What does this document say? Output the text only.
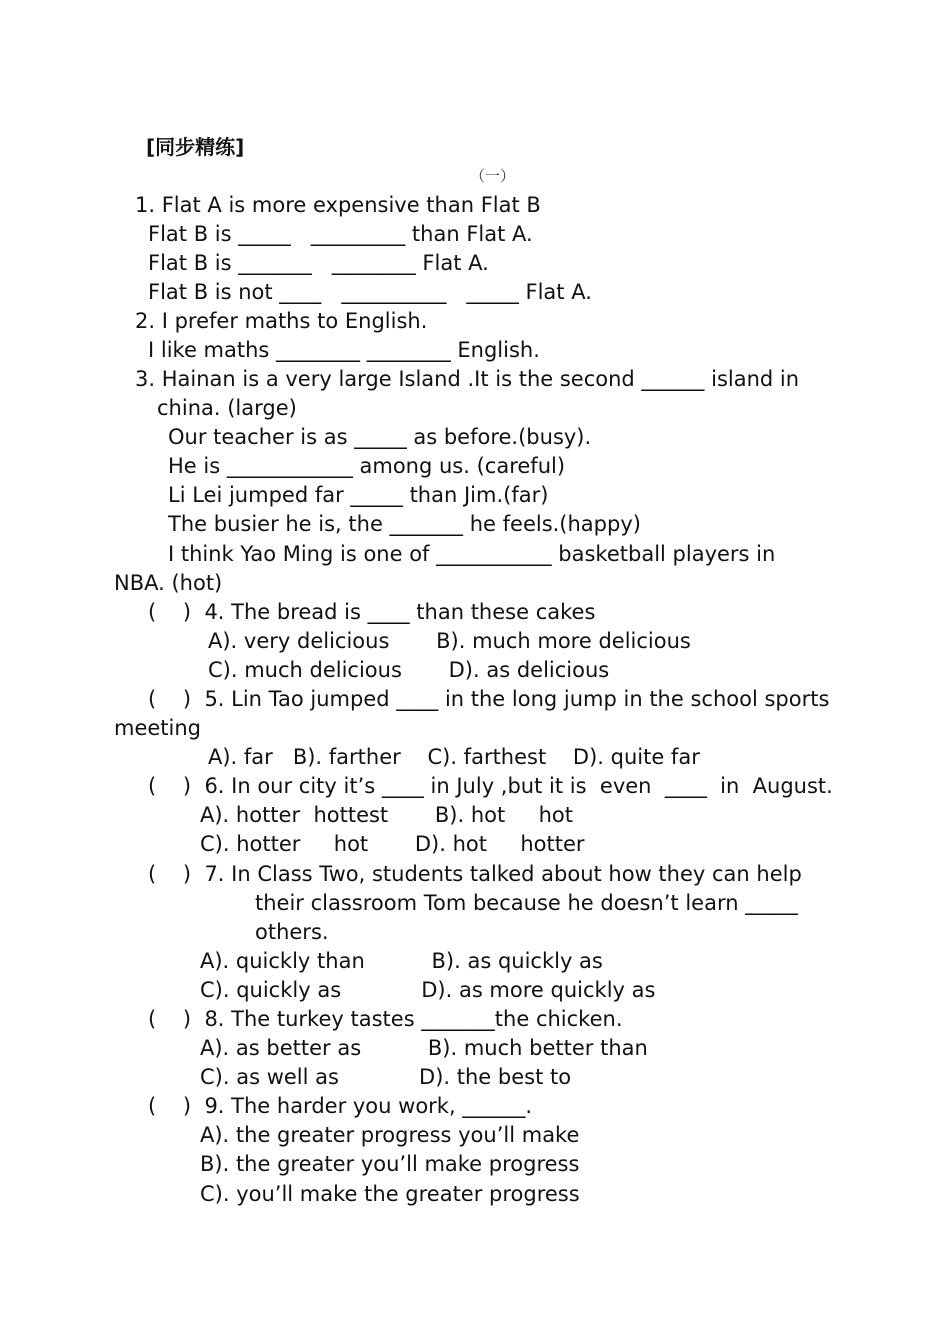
[同步精练]
（一）
1. Flat A is more expensive than Flat B
Flat B is _____   _________ than Flat A.
Flat B is _______   ________ Flat A.
Flat B is not ____   __________   _____ Flat A.
2. I prefer maths to English.
I like maths ________ ________ English.
3. Hainan is a very large Island .It is the second ______ island in
china. (large)
Our teacher is as _____ as before.(busy).
He is ____________ among us. (careful)
Li Lei jumped far _____ than Jim.(far)
The busier he is, the _______ he feels.(happy)
I think Yao Ming is one of ___________ basketball players in
NBA. (hot)
(    )  4. The bread is ____ than these cakes
A). very delicious       B). much more delicious
C). much delicious       D). as delicious
(    )  5. Lin Tao jumped ____ in the long jump in the school sports
meeting
A). far   B). farther    C). farthest    D). quite far
(    )  6. In our city it’s ____ in July ,but it is  even  ____  in  August.
A). hotter  hottest       B). hot     hot
C). hotter     hot       D). hot     hotter
(    )  7. In Class Two, students talked about how they can help
their classroom Tom because he doesn’t learn _____
others.
A). quickly than          B). as quickly as
C). quickly as            D). as more quickly as
(    )  8. The turkey tastes _______the chicken.
A). as better as          B). much better than
C). as well as            D). the best to
(    )  9. The harder you work, ______.
A). the greater progress you’ll make
B). the greater you’ll make progress
C). you’ll make the greater progress
